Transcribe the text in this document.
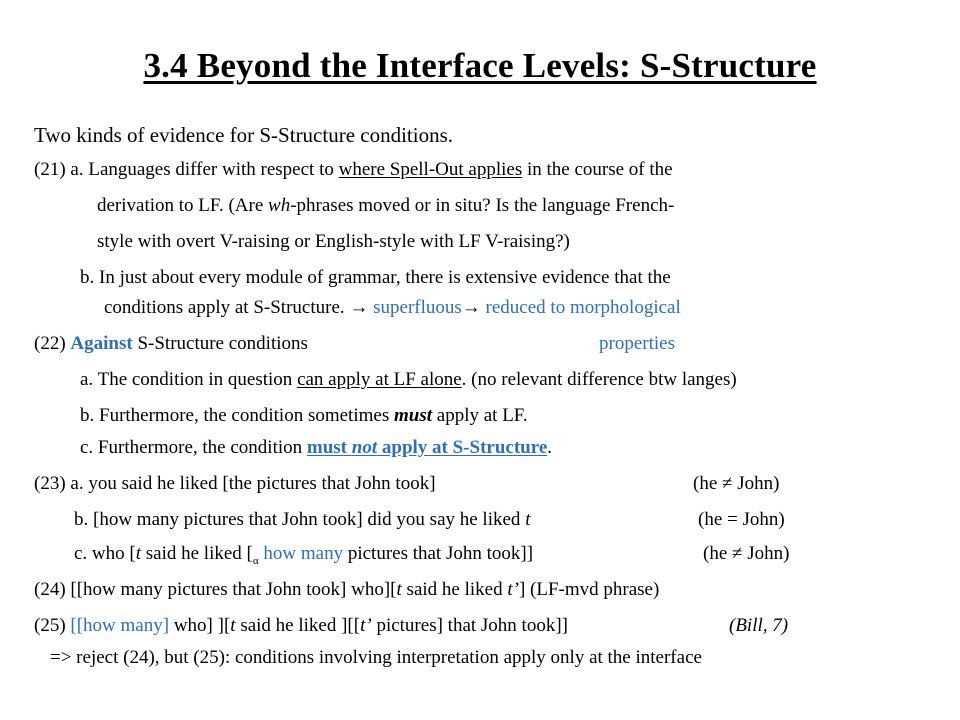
3.4 Beyond the Interface Levels: S-Structure
Two kinds of evidence for S-Structure conditions.
(21) a. Languages differ with respect to where Spell-Out applies in the course of the
derivation to LF. (Are wh-phrases moved or in situ? Is the language French-
style with overt V-raising or English-style with LF V-raising?)
b. In just about every module of grammar, there is extensive evidence that the
conditions apply at S-Structure. → superfluous→ reduced to morphological
(22) Against S-Structure conditions	properties
a. The condition in question can apply at LF alone. (no relevant difference btw langes)
b. Furthermore, the condition sometimes must apply at LF.
c. Furthermore, the condition must not apply at S-Structure.
(23) a. you said he liked [the pictures that John took]	(he ≠ John)
b. [how many pictures that John took] did you say he liked t	(he = John)
c. who [t said he liked [$_\alpha$ how many pictures that John took]]	(he ≠ John)
(24) [[how many pictures that John took] who][t said he liked t’] (LF-mvd phrase)
(25) [[how many] who] ][t said he liked ][[t’ pictures] that John took]]	(Bill, 7)
=> reject (24), but (25): conditions involving interpretation apply only at the interface
